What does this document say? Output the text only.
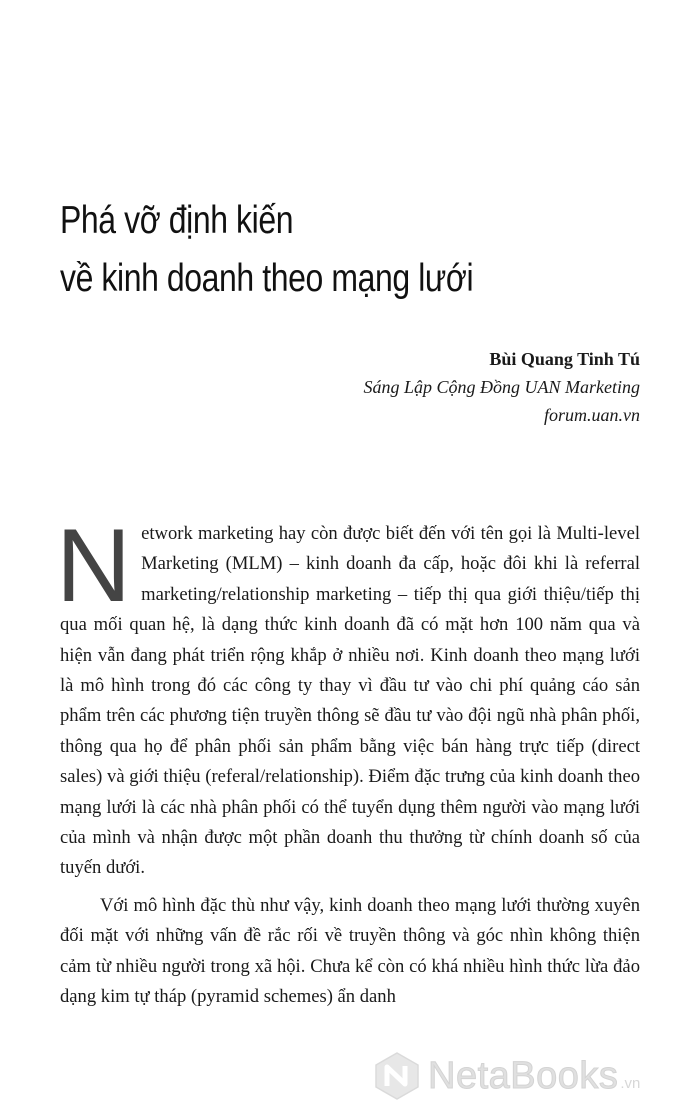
Phá vỡ định kiến
về kinh doanh theo mạng lưới
Bùi Quang Tinh Tú
Sáng Lập Cộng Đồng UAN Marketing
forum.uan.vn

Network marketing hay còn được biết đến với tên gọi là Multi-level Marketing (MLM) – kinh doanh đa cấp, hoặc đôi khi là referral marketing/relationship marketing – tiếp thị qua giới thiệu/tiếp thị qua mối quan hệ, là dạng thức kinh doanh đã có mặt hơn 100 năm qua và hiện vẫn đang phát triển rộng khắp ở nhiều nơi. Kinh doanh theo mạng lưới là mô hình trong đó các công ty thay vì đầu tư vào chi phí quảng cáo sản phẩm trên các phương tiện truyền thông sẽ đầu tư vào đội ngũ nhà phân phối, thông qua họ để phân phối sản phẩm bằng việc bán hàng trực tiếp (direct sales) và giới thiệu (referal/relationship). Điểm đặc trưng của kinh doanh theo mạng lưới là các nhà phân phối có thể tuyển dụng thêm người vào mạng lưới của mình và nhận được một phần doanh thu thưởng từ chính doanh số của tuyến dưới.

Với mô hình đặc thù như vậy, kinh doanh theo mạng lưới thường xuyên đối mặt với những vấn đề rắc rối về truyền thông và góc nhìn không thiện cảm từ nhiều người trong xã hội. Chưa kể còn có khá nhiều hình thức lừa đảo dạng kim tự tháp (pyramid schemes) ẩn danh

NetaBooks .vn
